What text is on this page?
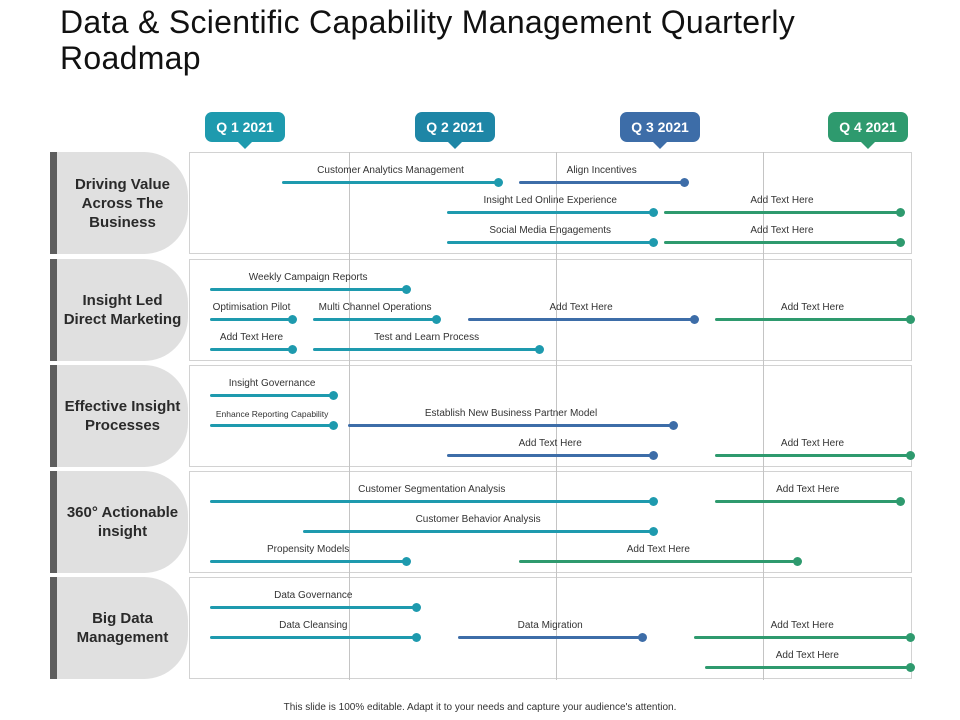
Data & Scientific Capability Management Quarterly Roadmap
Q 1 2021	Q 2 2021	Q 3 2021	Q 4 2021
Driving Value Across The Business
Insight Led Direct Marketing
Effective Insight Processes
360° Actionable insight
Big Data Management
Customer Analytics Management	Align Incentives
Insight Led Online Experience	Add Text Here
Social Media Engagements	Add Text Here
Weekly Campaign Reports
Optimisation Pilot	Multi Channel Operations	Add Text Here	Add Text Here
Add Text Here	Test and Learn Process
Insight Governance
Enhance Reporting Capability	Establish New Business Partner Model
Add Text Here	Add Text Here
Customer Segmentation Analysis	Add Text Here
Customer Behavior Analysis
Propensity Models	Add Text Here
Data Governance
Data Cleansing	Data Migration	Add Text Here
Add Text Here
This slide is 100% editable. Adapt it to your needs and capture your audience's attention.
